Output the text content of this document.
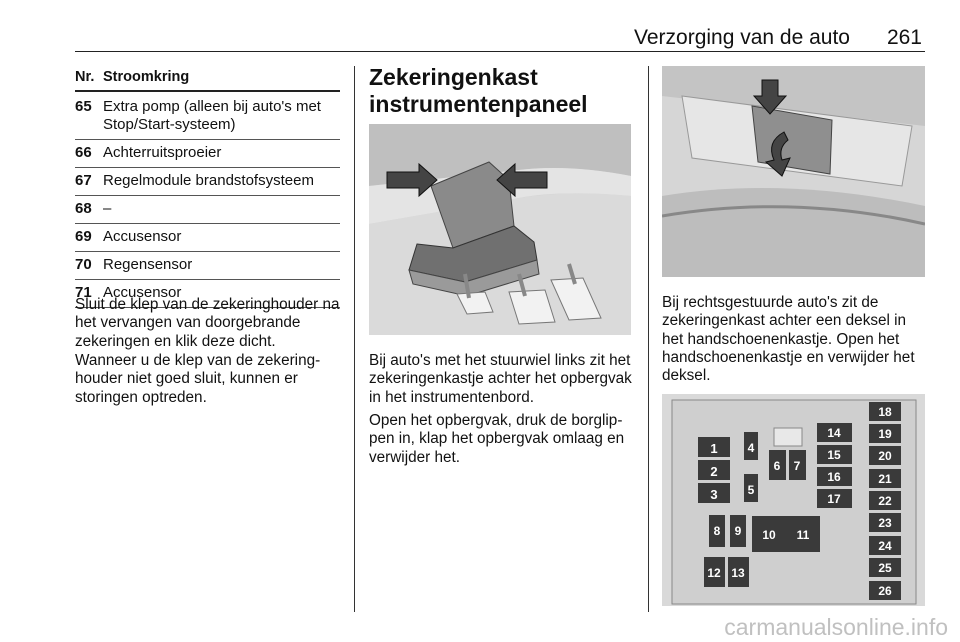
Verzorging van de auto	261
Nr. Stroomkring
65 Extra pomp (alleen bij auto's met Stop/Start-systeem)
66 Achterruitsproeier
67 Regelmodule brandstofsysteem
68 –
69 Accusensor
70 Regensensor
71 Accusensor
Sluit de klep van de zekeringhouder na het vervangen van doorgebrande zekeringen en klik deze dicht.
Wanneer u de klep van de zekeringhouder niet goed sluit, kunnen er storingen optreden.
Zekeringenkast instrumentenpaneel
Bij auto's met het stuurwiel links zit het zekeringenkastje achter het opbergvak in het instrumentenbord.
Open het opbergvak, druk de borglippen in, klap het opbergvak omlaag en verwijder het.
Bij rechtsgestuurde auto's zit de zekeringenkast achter een deksel in het handschoenenkastje. Open het handschoenenkastje en verwijder het deksel.
1
2
3
4
5
6 7
8 9 10 11
12 13
14
15
16
17
18
19
20
21
22
23
24
25
26
carmanualsonline.info
